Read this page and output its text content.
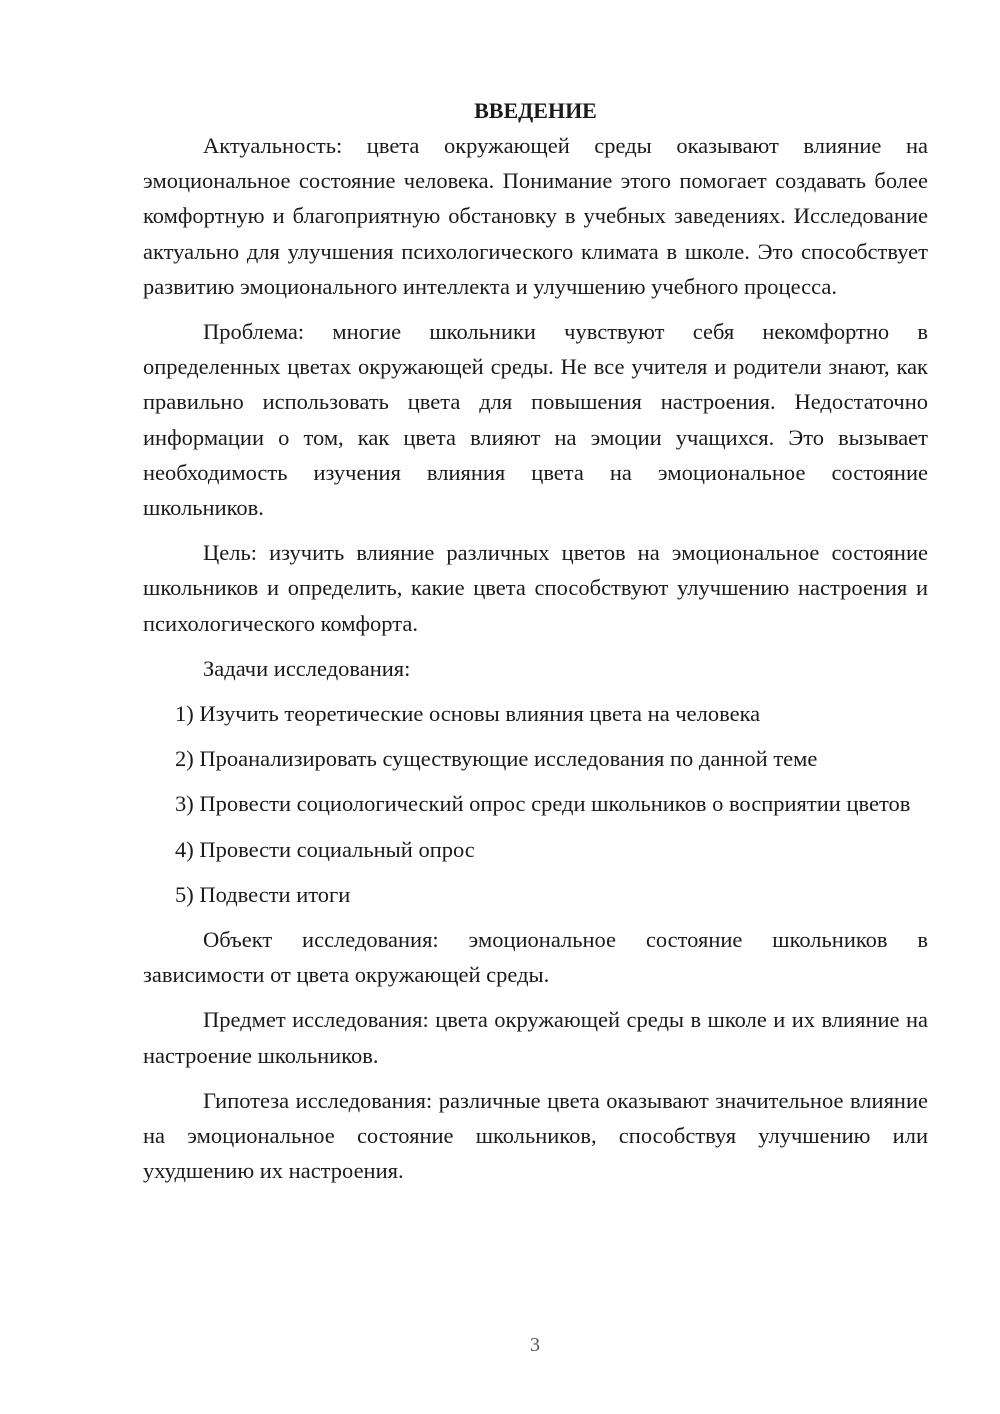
ВВЕДЕНИЕ

Актуальность: цвета окружающей среды оказывают влияние на эмоциональное состояние человека. Понимание этого помогает создавать более комфортную и благоприятную обстановку в учебных заведениях. Исследование актуально для улучшения психологического климата в школе. Это способствует развитию эмоционального интеллекта и улучшению учебного процесса.

Проблема: многие школьники чувствуют себя некомфортно в определенных цветах окружающей среды. Не все учителя и родители знают, как правильно использовать цвета для повышения настроения. Недостаточно информации о том, как цвета влияют на эмоции учащихся. Это вызывает необходимость изучения влияния цвета на эмоциональное состояние школьников.

Цель: изучить влияние различных цветов на эмоциональное состояние школьников и определить, какие цвета способствуют улучшению настроения и психологического комфорта.

Задачи исследования:

1) Изучить теоретические основы влияния цвета на человека

2) Проанализировать существующие исследования по данной теме

3) Провести социологический опрос среди школьников о восприятии цветов

4) Провести социальный опрос

5) Подвести итоги

Объект исследования: эмоциональное состояние школьников в зависимости от цвета окружающей среды.

Предмет исследования: цвета окружающей среды в школе и их влияние на настроение школьников.

Гипотеза исследования: различные цвета оказывают значительное влияние на эмоциональное состояние школьников, способствуя улучшению или ухудшению их настроения.

3
